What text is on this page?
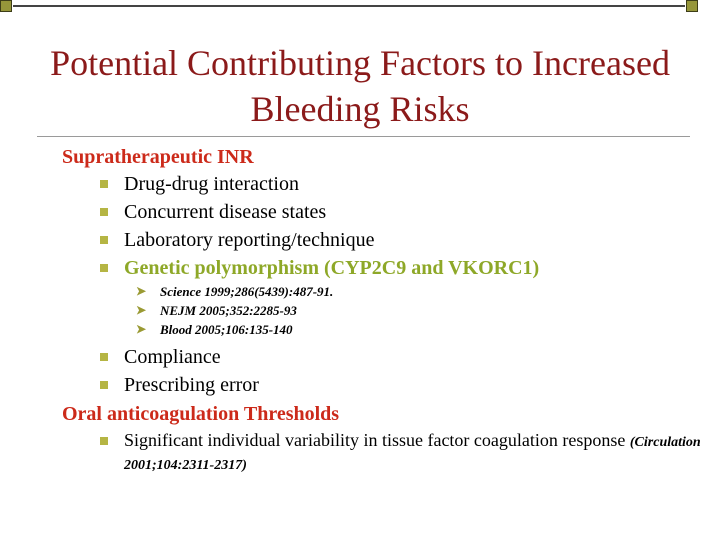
Potential Contributing Factors to Increased Bleeding Risks
Supratherapeutic INR
Drug-drug interaction
Concurrent disease states
Laboratory reporting/technique
Genetic polymorphism (CYP2C9 and VKORC1)
➤ Science 1999;286(5439):487-91.
➤ NEJM 2005;352:2285-93
➤ Blood 2005;106:135-140
Compliance
Prescribing error
Oral anticoagulation Thresholds
Significant individual variability in tissue factor coagulation response (Circulation 2001;104:2311-2317)
